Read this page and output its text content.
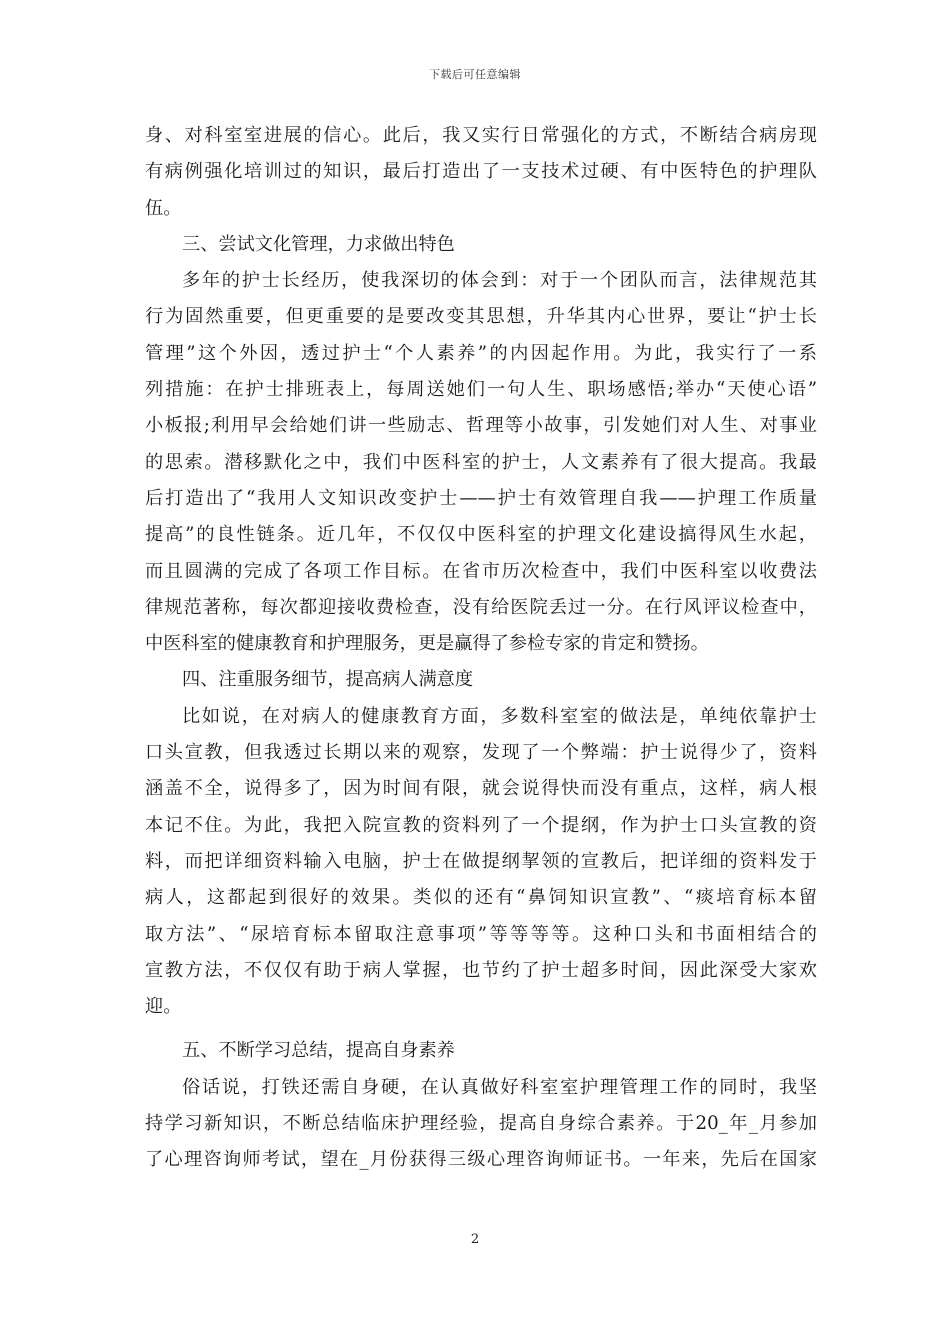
下载后可任意编辑
身、对科室室进展的信心。此后，我又实行日常强化的方式，不断结合病房现
有病例强化培训过的知识，最后打造出了一支技术过硬、有中医特色的护理队
伍。
三、尝试文化管理，力求做出特色
多年的护士长经历，使我深切的体会到：对于一个团队而言，法律规范其
行为固然重要，但更重要的是要改变其思想，升华其内心世界，要让“护士长
管理”这个外因，透过护士“个人素养”的内因起作用。为此，我实行了一系
列措施：在护士排班表上，每周送她们一句人生、职场感悟;举办“天使心语”
小板报;利用早会给她们讲一些励志、哲理等小故事，引发她们对人生、对事业
的思索。潜移默化之中，我们中医科室的护士，人文素养有了很大提高。我最
后打造出了“我用人文知识改变护士——护士有效管理自我——护理工作质量
提高”的良性链条。近几年，不仅仅中医科室的护理文化建设搞得风生水起，
而且圆满的完成了各项工作目标。在省市历次检查中，我们中医科室以收费法
律规范著称，每次都迎接收费检查，没有给医院丢过一分。在行风评议检查中，
中医科室的健康教育和护理服务，更是赢得了参检专家的肯定和赞扬。
四、注重服务细节，提高病人满意度
比如说，在对病人的健康教育方面，多数科室室的做法是，单纯依靠护士
口头宣教，但我透过长期以来的观察，发现了一个弊端：护士说得少了，资料
涵盖不全，说得多了，因为时间有限，就会说得快而没有重点，这样，病人根
本记不住。为此，我把入院宣教的资料列了一个提纲，作为护士口头宣教的资
料，而把详细资料输入电脑，护士在做提纲挈领的宣教后，把详细的资料发于
病人，这都起到很好的效果。类似的还有“鼻饲知识宣教”、“痰培育标本留
取方法”、“尿培育标本留取注意事项”等等等等。这种口头和书面相结合的
宣教方法，不仅仅有助于病人掌握，也节约了护士超多时间，因此深受大家欢
迎。
五、不断学习总结，提高自身素养
俗话说，打铁还需自身硬，在认真做好科室室护理管理工作的同时，我坚
持学习新知识，不断总结临床护理经验，提高自身综合素养。于20_年_月参加
了心理咨询师考试，望在_月份获得三级心理咨询师证书。一年来，先后在国家
2
